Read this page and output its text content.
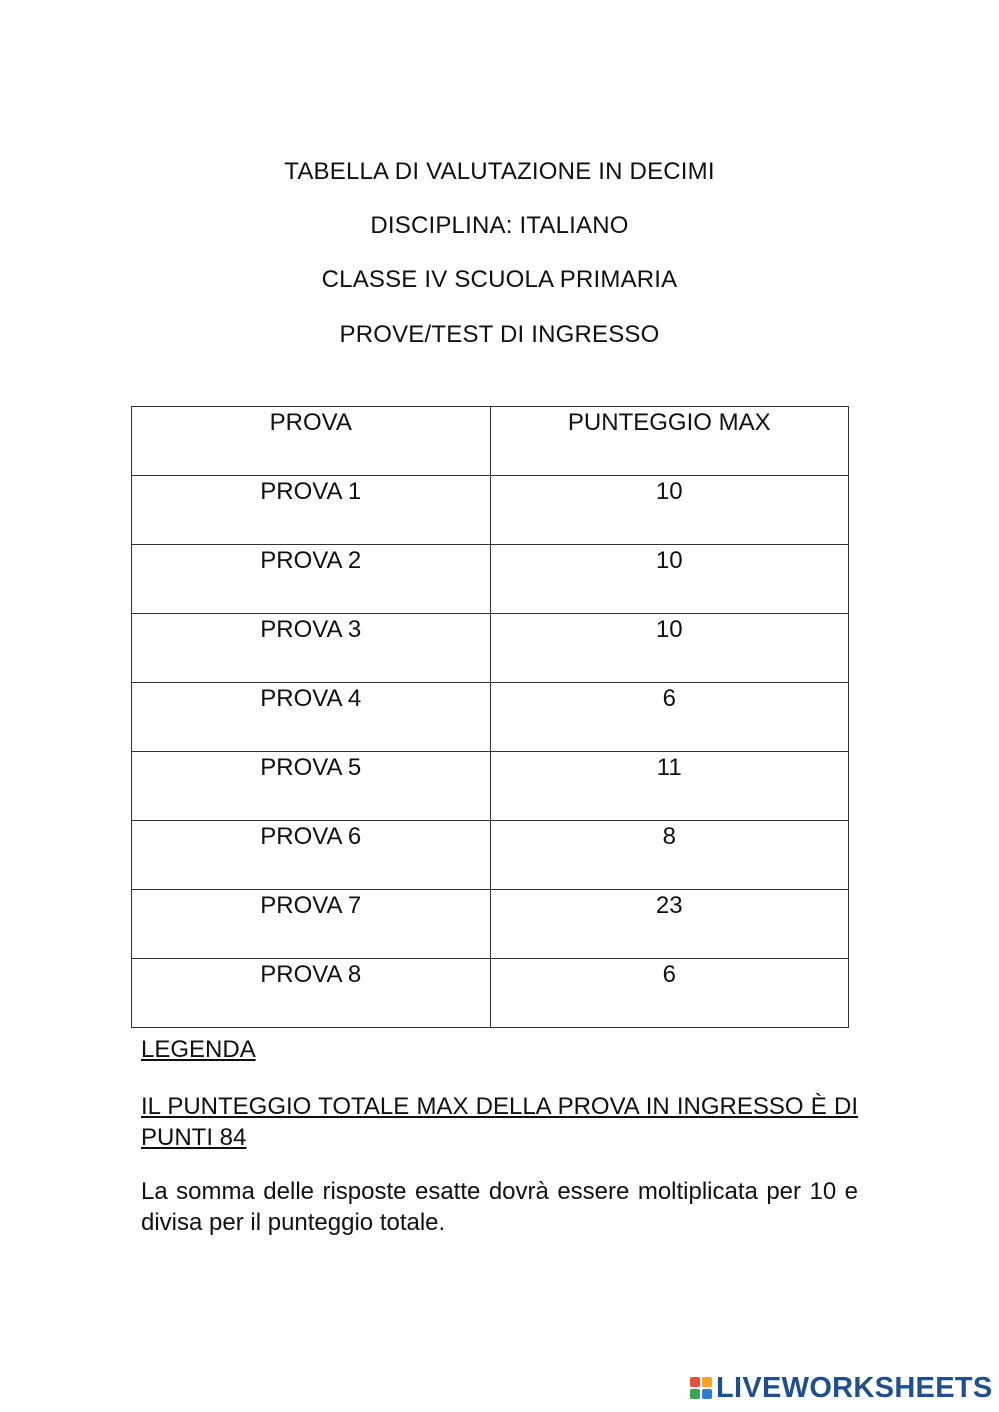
TABELLA DI VALUTAZIONE IN DECIMI

DISCIPLINA: ITALIANO

CLASSE IV SCUOLA PRIMARIA

PROVE/TEST DI INGRESSO

PROVA	PUNTEGGIO MAX
PROVA 1	10
PROVA 2	10
PROVA 3	10
PROVA 4	6
PROVA 5	11
PROVA 6	8
PROVA 7	23
PROVA 8	6

LEGENDA

IL PUNTEGGIO TOTALE MAX DELLA PROVA IN INGRESSO È DI PUNTI 84

La somma delle risposte esatte dovrà essere moltiplicata per 10 e divisa per il punteggio totale.

LIVEWORKSHEETS
